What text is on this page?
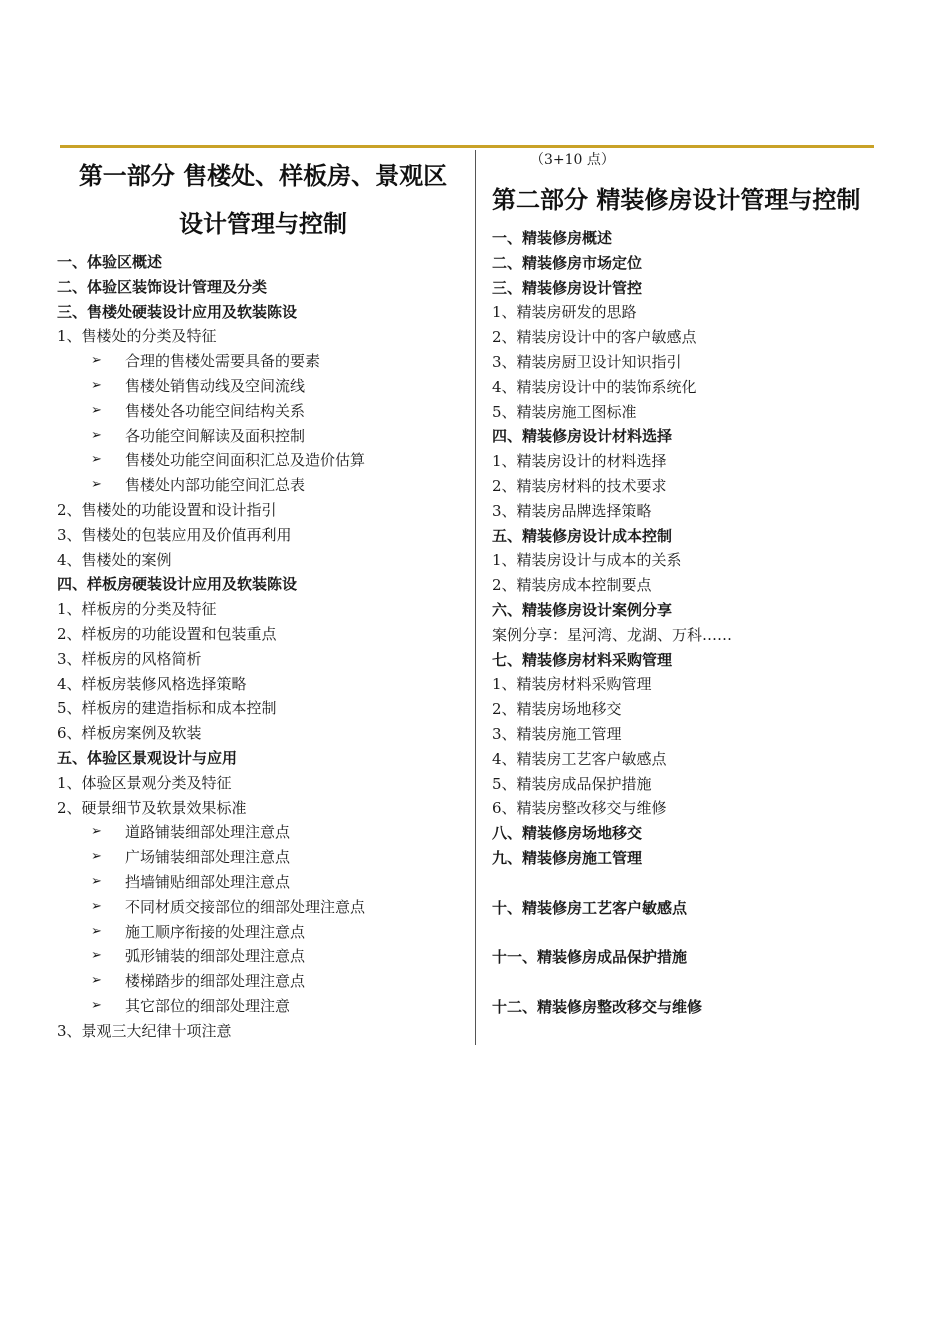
第一部分 售楼处、样板房、景观区
设计管理与控制
一、体验区概述
二、体验区装饰设计管理及分类
三、售楼处硬装设计应用及软装陈设
1、售楼处的分类及特征
➢	合理的售楼处需要具备的要素
➢	售楼处销售动线及空间流线
➢	售楼处各功能空间结构关系
➢	各功能空间解读及面积控制
➢	售楼处功能空间面积汇总及造价估算
➢	售楼处内部功能空间汇总表
2、售楼处的功能设置和设计指引
3、售楼处的包装应用及价值再利用
4、售楼处的案例
四、样板房硬装设计应用及软装陈设
1、样板房的分类及特征
2、样板房的功能设置和包装重点
3、样板房的风格简析
4、样板房装修风格选择策略
5、样板房的建造指标和成本控制
6、样板房案例及软装
五、体验区景观设计与应用
1、体验区景观分类及特征
2、硬景细节及软景效果标准
➢	道路铺装细部处理注意点
➢	广场铺装细部处理注意点
➢	挡墙铺贴细部处理注意点
➢	不同材质交接部位的细部处理注意点
➢	施工顺序衔接的处理注意点
➢	弧形铺装的细部处理注意点
➢	楼梯踏步的细部处理注意点
➢	其它部位的细部处理注意
3、景观三大纪律十项注意
（3+10 点）
第二部分 精装修房设计管理与控制
一、精装修房概述
二、精装修房市场定位
三、精装修房设计管控
1、精装房研发的思路
2、精装房设计中的客户敏感点
3、精装房厨卫设计知识指引
4、精装房设计中的装饰系统化
5、精装房施工图标准
四、精装修房设计材料选择
1、精装房设计的材料选择
2、精装房材料的技术要求
3、精装房品牌选择策略
五、精装修房设计成本控制
1、精装房设计与成本的关系
2、精装房成本控制要点
六、精装修房设计案例分享
案例分享：星河湾、龙湖、万科……
七、精装修房材料采购管理
1、精装房材料采购管理
2、精装房场地移交
3、精装房施工管理
4、精装房工艺客户敏感点
5、精装房成品保护措施
6、精装房整改移交与维修
八、精装修房场地移交
九、精装修房施工管理
十、精装修房工艺客户敏感点
十一、精装修房成品保护措施
十二、精装修房整改移交与维修
